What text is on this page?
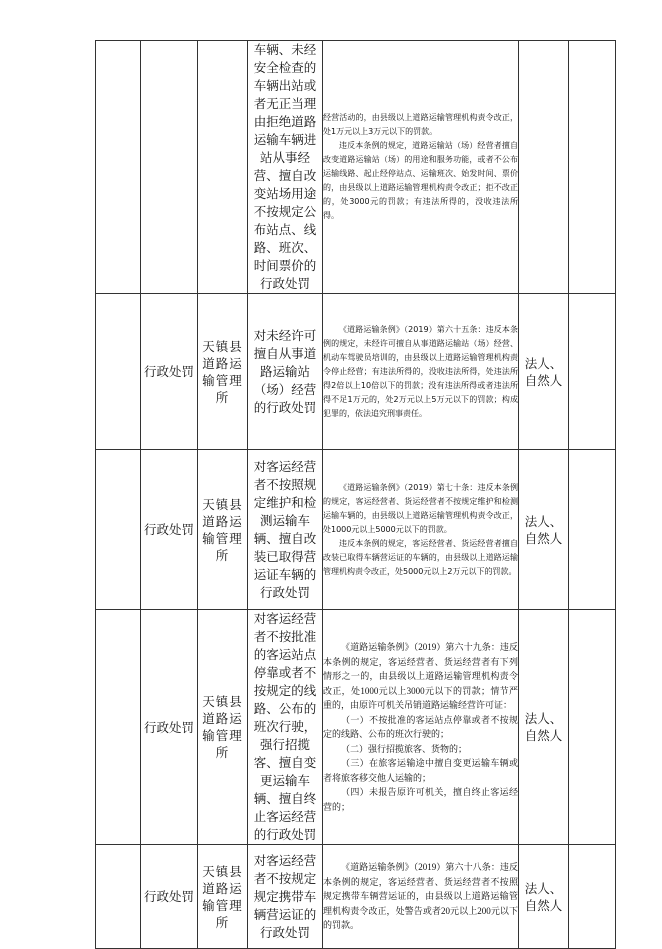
			车辆、未经安全检查的车辆出站或者无正当理由拒绝道路运输车辆进站从事经营、擅自改变站场用途不按规定公布站点、线路、班次、时间票价的行政处罚	经营活动的，由县级以上道路运输管理机构责令改正，处1万元以上3万元以下的罚款。

违反本条例的规定，道路运输站（场）经营者擅自改变道路运输站（场）的用途和服务功能，或者不公布运输线路、起止经停站点、运输班次、始发时间、票价的，由县级以上道路运输管理机构责令改正；拒不改正的，处3000元的罚款；有违法所得的，没收违法所得。		

	行政处罚	天镇县道路运输管理所	对未经许可擅自从事道路运输站（场）经营的行政处罚	《道路运输条例》（2019）第六十五条：违反本条例的规定，未经许可擅自从事道路运输站（场）经营、机动车驾驶员培训的，由县级以上道路运输管理机构责令停止经营；有违法所得的，没收违法所得，处违法所得2倍以上10倍以下的罚款；没有违法所得或者违法所得不足1万元的，处2万元以上5万元以下的罚款；构成犯罪的，依法追究刑事责任。	法人、自然人	
	行政处罚	天镇县道路运输管理所	对客运经营者不按照规定维护和检测运输车辆、擅自改装已取得营运证车辆的行政处罚	《道路运输条例》（2019）第七十条：违反本条例的规定，客运经营者、货运经营者不按规定维护和检测运输车辆的，由县级以上道路运输管理机构责令改正，处1000元以上5000元以下的罚款。

违反本条例的规定，客运经营者、货运经营者擅自改装已取得车辆营运证的车辆的，由县级以上道路运输管理机构责令改正，处5000元以上2万元以下的罚款。	法人、自然人	
	行政处罚	天镇县道路运输管理所	对客运经营者不按批准的客运站点停靠或者不按规定的线路、公布的班次行驶，强行招揽客、擅自变更运输车辆、擅自终止客运经营的行政处罚	《道路运输条例》（2019）第六十九条：违反本条例的规定，客运经营者、货运经营者有下列情形之一的，由县级以上道路运输管理机构责令改正，处1000元以上3000元以下的罚款；情节严重的，由原许可机关吊销道路运输经营许可证：

（一）不按批准的客运站点停靠或者不按规定的线路、公布的班次行驶的；

（二）强行招揽旅客、货物的；

（三）在旅客运输途中擅自变更运输车辆或者将旅客移交他人运输的；

（四）未报告原许可机关，擅自终止客运经营的；	法人、自然人	
	行政处罚	天镇县道路运输管理所	对客运经营者不按规定规定携带车辆营运证的行政处罚	《道路运输条例》（2019）第六十八条：违反本条例的规定，客运经营者、货运经营者不按照规定携带车辆营运证的，由县级以上道路运输管理机构责令改正，处警告或者20元以上200元以下的罚款。	法人、自然人	
